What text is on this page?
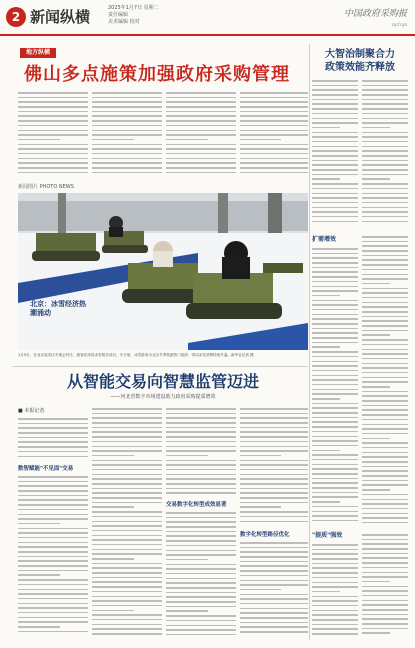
2 新闻纵横	2025年1月7日 星期二
责任编辑
美术编辑 校对
中国政府采购报
zgzfcgb
地方纵横
佛山多点施策加强政府采购管理
新闻图片 PHOTO NEWS
北京：冰雪经济热潮涌动
1月5日，在北京延庆区冬奥会村庄，游客在体验冰雪娱乐项目。冬日里，冰雪游成为北京冬季旅游热门选择，带动冰雪消费持续升温。新华社记者 摄
大智治制聚合力
政策效能齐释放
扩需增效
"提质"强效
从智能交易向智慧监管迈进
——河北省数字市场建设助力政府采购提质增效
■ 本报记者
数智赋能"不见面"交易
交易数字化转型成效显著
数字化转型路径优化
